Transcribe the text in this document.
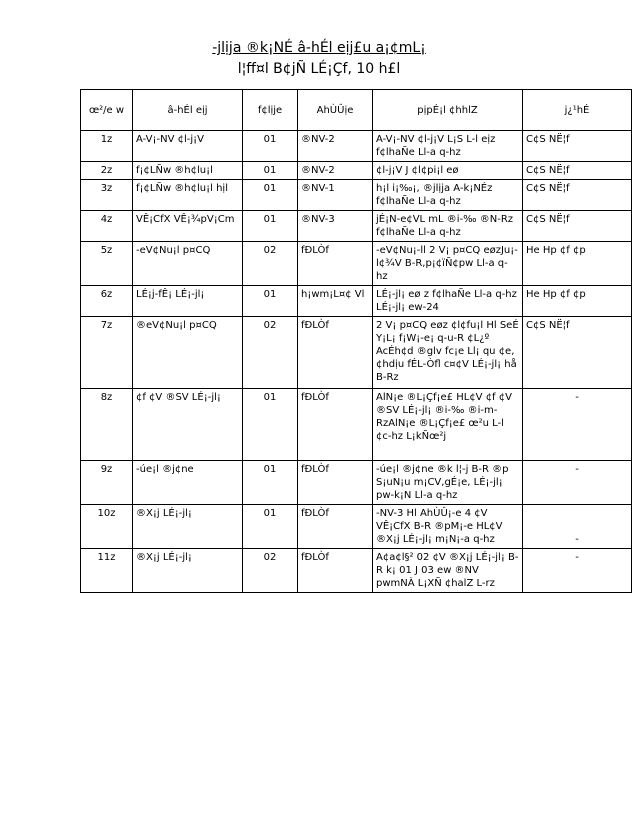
-jlịja ®k¡NÉ â-hÉl eịj£u a¡¢mL¡
l¦ff¤l B¢jÑ LÉ¡Çf, 10 h£l
œ²/e w	â-hÉl eịj	f¢lịje	AhÙÛịe	pịpÉ¡l ¢hhlZ	j¿¹hÉ
1z	A-V¡-NV ¢l-j¡V	01	®NV-2	A-V¡-NV ¢l-j¡V L¡S L-l eịz f¢lhaÑe Ll-a q-hz	C¢S NË¦f
2z	f¡¢LÑw ®h¢lu¡l	01	®NV-2	¢l-j¡V J ¢l¢pi¡l eø	C¢S NË¦f
3z	f¡¢LÑw ®h¢lu¡l hịl	01	®NV-1	h¡l i¡‰¡, ®jlịja A-k¡NÉz f¢lhaÑe Ll-a q-hz	C¢S NË¦f
4z	VÊ¡CfX VÊ¡¾pV¡Cm	01	®NV-3	jÉ¡N-e¢VL mL ®i-‰ ®N-Rz f¢lhaÑe Ll-a q-hz	C¢S NË¦f
5z	-eV¢Nu¡l p¤CQ	02	fÐLÒf	-eV¢Nu¡-ll 2 V¡ p¤CQ eøzJu¡-l¢¾V B-R,p¡¢ïÑ¢pw Ll-a q-hz	He Hp ¢f ¢p
6z	LÉ¡j-fÊ¡ LÉ¡-jl¡	01	h¡wm¡L¤¢ Vl	LÉ¡-jl¡ eø z f¢lhaÑe Ll-a q-hz LÉ¡-jl¡ ew-24	He Hp ¢f ¢p
7z	®eV¢Nu¡l p¤CQ	02	fÐLÒf	2 V¡ p¤CQ eøz ¢l¢fu¡l Hl SeÉ Y¡L¡ f¡W¡-e¡ q-u-R ¢L¿º AcÉh¢d ®glv fc¡e Ll¡ qu ¢e, ¢hdịu fÉL-Òfl c¤¢V LÉ¡-jl¡ hå B-Rz	C¢S NË¦f
8z	¢f ¢V ®SV LÉ¡-jl¡	01	fÐLÒf	AlN¡e ®L¡Çf¡e£ HL¢V ¢f ¢V ®SV LÉ¡-jl¡ ®i-‰ ®i-m-RzAlN¡e ®L¡Çf¡e£ œ²u L-l ¢c-hz L¡kÑœ²j	-
9z	-úe¡l ®j¢ne	01	fÐLÒf	-úe¡l ®j¢ne ®k l¦-j B-R ®p S¡uN¡u m¡CV,gÉ¡e, LÉ¡-jl¡ pw-k¡N Ll-a q-hz	-
10z	®X¡j LÉ¡-jl¡	01	fÐLÒf	-NV-3 Hl AhÙÛ¡-e 4 ¢V VÊ¡CfX B-R ®pM¡-e HL¢V ®X¡j LÉ¡-jl¡ m¡N¡-a q-hz	-
11z	®X¡j LÉ¡-jl¡	02	fÐLÒf	A¢a¢l§² 02 ¢V ®X¡j LÉ¡-jl¡ B-R k¡ 01 J 03 ew ®NV pwmNÀ L¡XÑ ¢halZ L-rz	-
